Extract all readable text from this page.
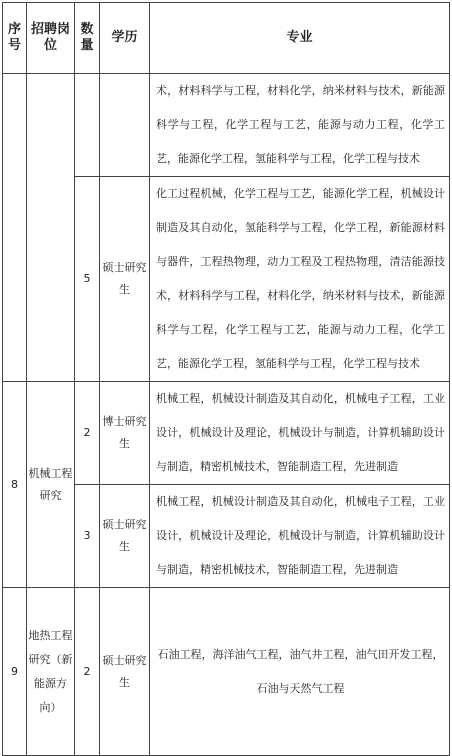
序号	招聘岗位	数量	学历	专业
				术，材料科学与工程，材料化学，纳米材料与技术，新能源科学与工程，化学工程与工艺，能源与动力工程，化学工艺，能源化学工程，氢能科学与工程，化学工程与技术
		5	硕士研究生	化工过程机械，化学工程与工艺，能源化学工程，机械设计制造及其自动化，氢能科学与工程，化学工程，新能源材料与器件，工程热物理，动力工程及工程热物理，清洁能源技术，材料科学与工程，材料化学，纳米材料与技术，新能源科学与工程，化学工程与工艺，能源与动力工程，化学工艺，能源化学工程，氢能科学与工程，化学工程与技术
8	机械工程研究	2	博士研究生	机械工程，机械设计制造及其自动化，机械电子工程，工业设计，机械设计及理论，机械设计与制造，计算机辅助设计与制造，精密机械技术，智能制造工程，先进制造
		3	硕士研究生	机械工程，机械设计制造及其自动化，机械电子工程，工业设计，机械设计及理论，机械设计与制造，计算机辅助设计与制造，精密机械技术，智能制造工程，先进制造
9	地热工程研究（新能源方向）	2	硕士研究生	石油工程，海洋油气工程，油气井工程，油气田开发工程，
石油与天然气工程
